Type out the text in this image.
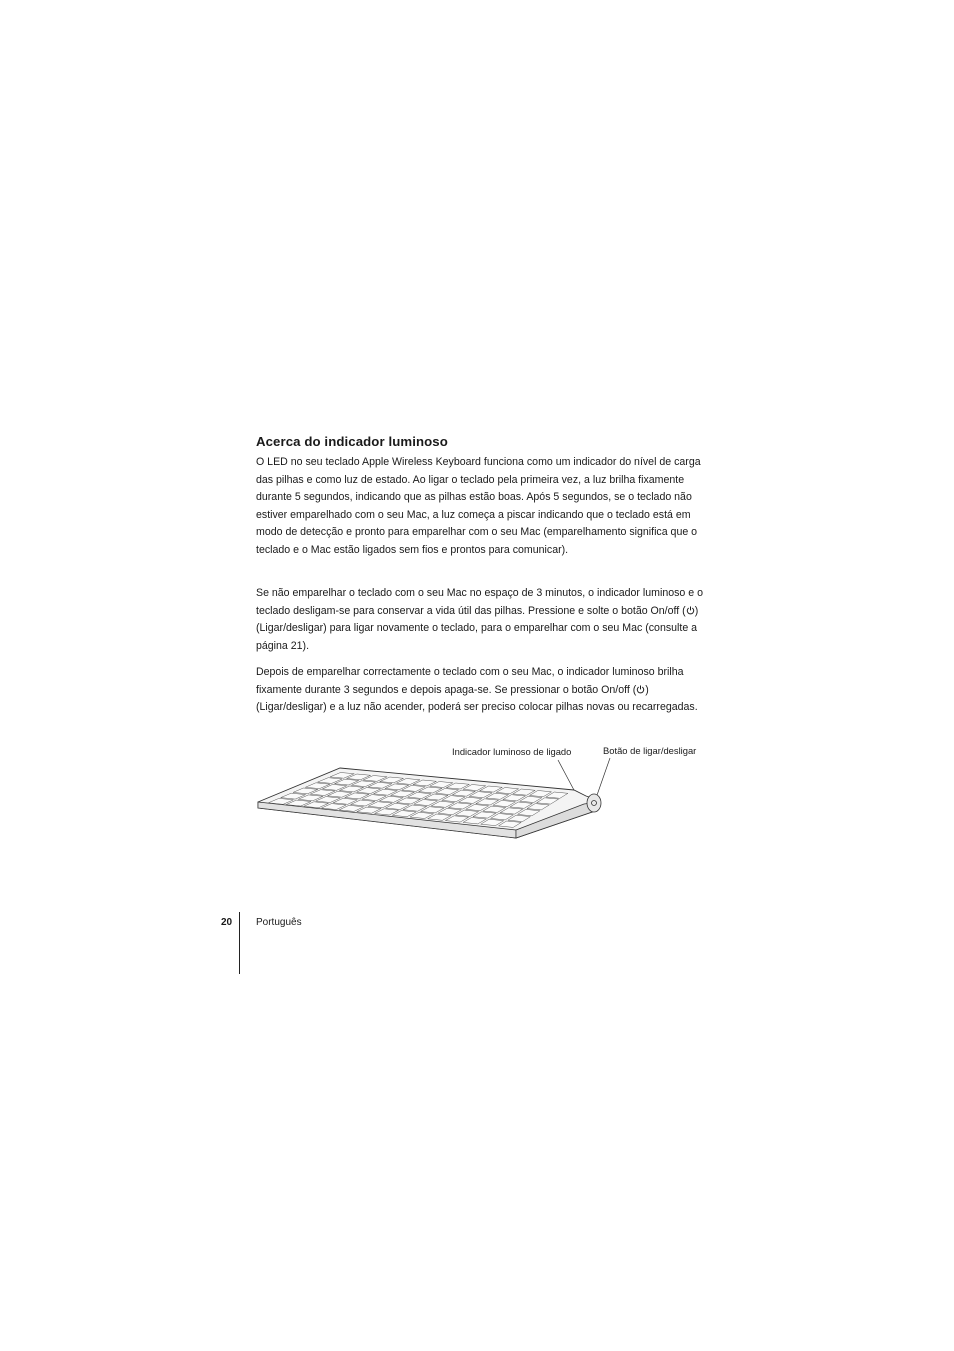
Acerca do indicador luminoso

O LED no seu teclado Apple Wireless Keyboard funciona como um indicador do nível de carga das pilhas e como luz de estado. Ao ligar o teclado pela primeira vez, a luz brilha fixamente durante 5 segundos, indicando que as pilhas estão boas. Após 5 segundos, se o teclado não estiver emparelhado com o seu Mac, a luz começa a piscar indicando que o teclado está em modo de detecção e pronto para emparelhar com o seu Mac (emparelhamento significa que o teclado e o Mac estão ligados sem fios e prontos para comunicar).

Se não emparelhar o teclado com o seu Mac no espaço de 3 minutos, o indicador luminoso e o teclado desligam-se para conservar a vida útil das pilhas. Pressione e solte o botão On/off ( ) (Ligar/desligar) para ligar novamente o teclado, para o emparelhar com o seu Mac (consulte a página 21).

Depois de emparelhar correctamente o teclado com o seu Mac, o indicador luminoso brilha fixamente durante 3 segundos e depois apaga-se. Se pressionar o botão On/off ( ) (Ligar/desligar) e a luz não acender, poderá ser preciso colocar pilhas novas ou recarregadas.

Indicador luminoso de ligado	Botão de ligar/desligar
20 Português
